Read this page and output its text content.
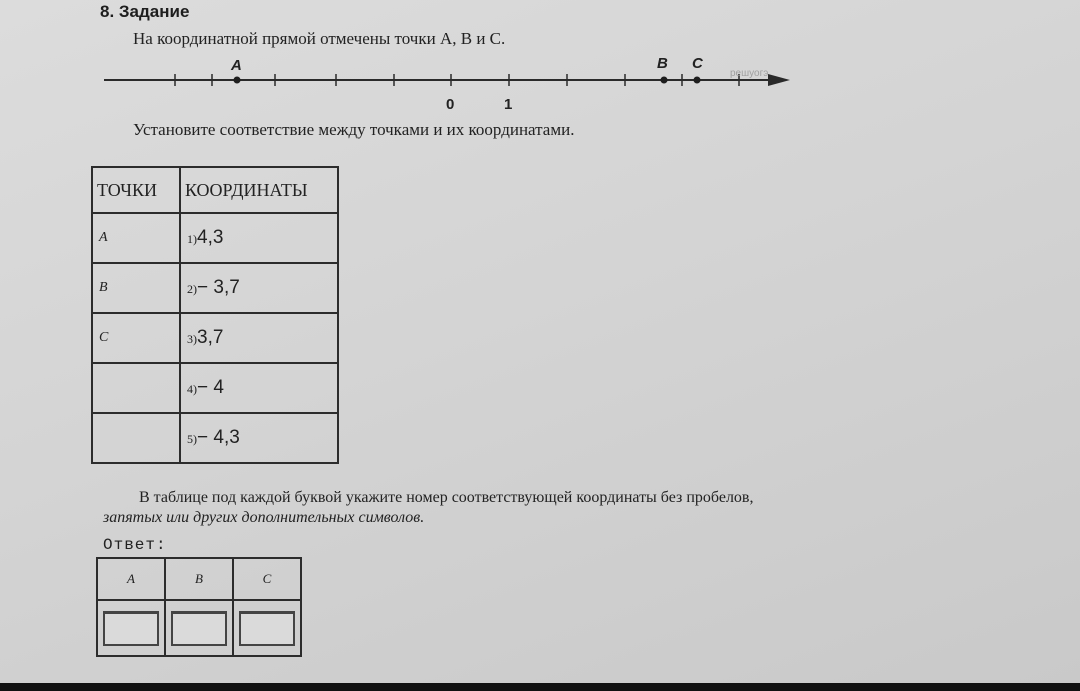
8. Задание
На координатной прямой отмечены точки A, B и C.
0	1
A	B C
решуогэ
Установите соответствие между точками и их координатами.
ТОЧКИ	КООРДИНАТЫ
A	1)4,3
B	2)− 3,7
C	3)3,7
	4)− 4
	5)− 4,3
В таблице под каждой буквой укажите номер соответствующей координаты без пробелов,
запятых или других дополнительных символов.
Ответ:
A	B	C
